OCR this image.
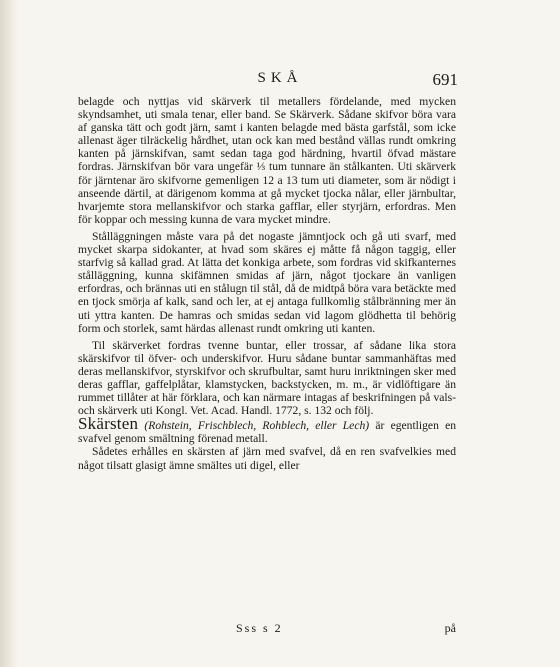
SKÅ	691

belagde och nyttjas vid skärverk til metallers fördelande, med mycken skyndsamhet, uti smala tenar, eller band. Se Skärverk. Sådane skifvor böra vara af ganska tätt och godt järn, samt i kanten belagde med bästa garfstål, som icke allenast äger tilräckelig hårdhet, utan ock kan med bestånd vällas rundt omkring kanten på järnskifvan, samt sedan taga god härdning, hvartil öfvad mästare fordras. Järnskifvan bör vara ungefär ⅓ tum tunnare än stålkanten. Uti skärverk för järntenar äro skifvorne gemenligen 12 a 13 tum uti diameter, som är nödigt i anseende därtil, at därigenom komma at gå mycket tjocka nålar, eller järnbultar, hvarjemte stora mellanskifvor och starka gafflar, eller styrjärn, erfordras. Men för koppar och messing kunna de vara mycket mindre.

Stålläggningen måste vara på det nogaste jämntjock och gå uti svarf, med mycket skarpa sidokanter, at hvad som skäres ej måtte få någon taggig, eller starfvig så kallad grad. At lätta det konkiga arbete, som fordras vid skifkanternes stålläggning, kunna skifämnen smidas af järn, något tjockare än vanligen erfordras, och brännas uti en stålugn til stål, då de midtpå böra vara betäckte med en tjock smörja af kalk, sand och ler, at ej antaga fullkomlig stålbränning mer än uti yttra kanten. De hamras och smidas sedan vid lagom glödhetta til behörig form och storlek, samt härdas allenast rundt omkring uti kanten.

Til skärverket fordras tvenne buntar, eller trossar, af sådane lika stora skärskifvor til öfver- och underskifvor. Huru sådane buntar sammanhäftas med deras mellanskifvor, styrskifvor och skrufbultar, samt huru inriktningen sker med deras gafflar, gaffelplåtar, klamstycken, backstycken, m. m., är vidlöftigare än rummet tillåter at här förklara, och kan närmare intagas af beskrifningen på vals- och skärverk uti Kongl. Vet. Acad. Handl. 1772, s. 132 och följ.

Skärsten (Rohstein, Frischblech, Rohblech, eller Lech) är egentligen en svafvel genom smältning förenad metall.

Sådetes erhålles en skärsten af järn med svafvel, då en ren svafvelkies med något tilsatt glasigt ämne smältes uti digel, eller

Sss s 2	på
